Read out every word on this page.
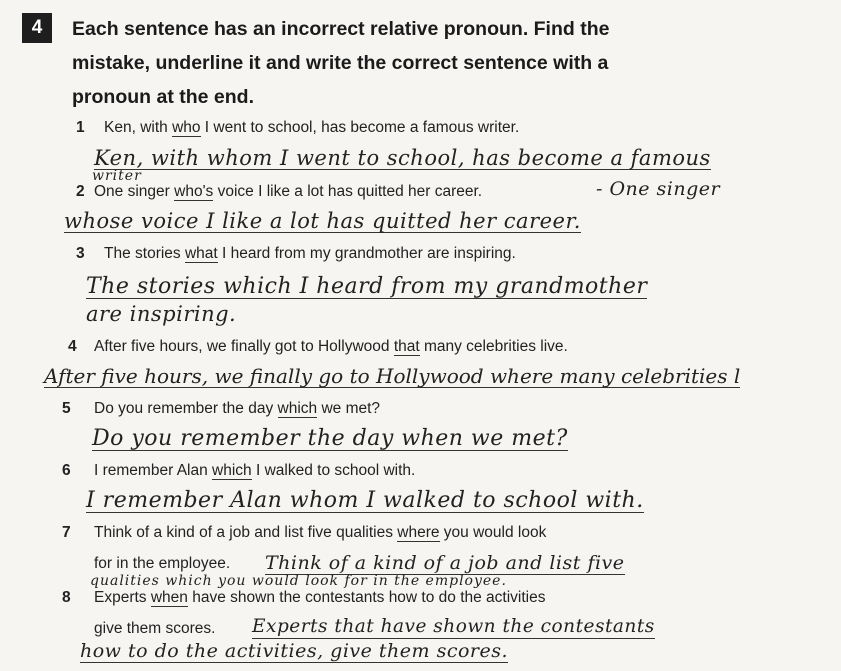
4	Each sentence has an incorrect relative pronoun. Find the
mistake, underline it and write the correct sentence with a
pronoun at the end.
1 Ken, with who I went to school, has become a famous writer.
Ken, with whom I went to school, has become a famous
writer
2 One singer who's voice I like a lot has quitted her career.	- One singer
whose voice I like a lot has quitted her career.
3 The stories what I heard from my grandmother are inspiring.
The stories which I heard from my grandmother
are inspiring.
4 After five hours, we finally got to Hollywood that many celebrities live.
After five hours, we finally go to Hollywood where many celebrities l
5 Do you remember the day which we met?
Do you remember the day when we met?
6 I remember Alan which I walked to school with.
I remember Alan whom I walked to school with.
7 Think of a kind of a job and list five qualities where you would look
for in the employee. Think of a kind of a job and list five
qualities which you would look for in the employee.
8 Experts when have shown the contestants how to do the activities
give them scores. Experts that have shown the contestants
how to do the activities, give them scores.
